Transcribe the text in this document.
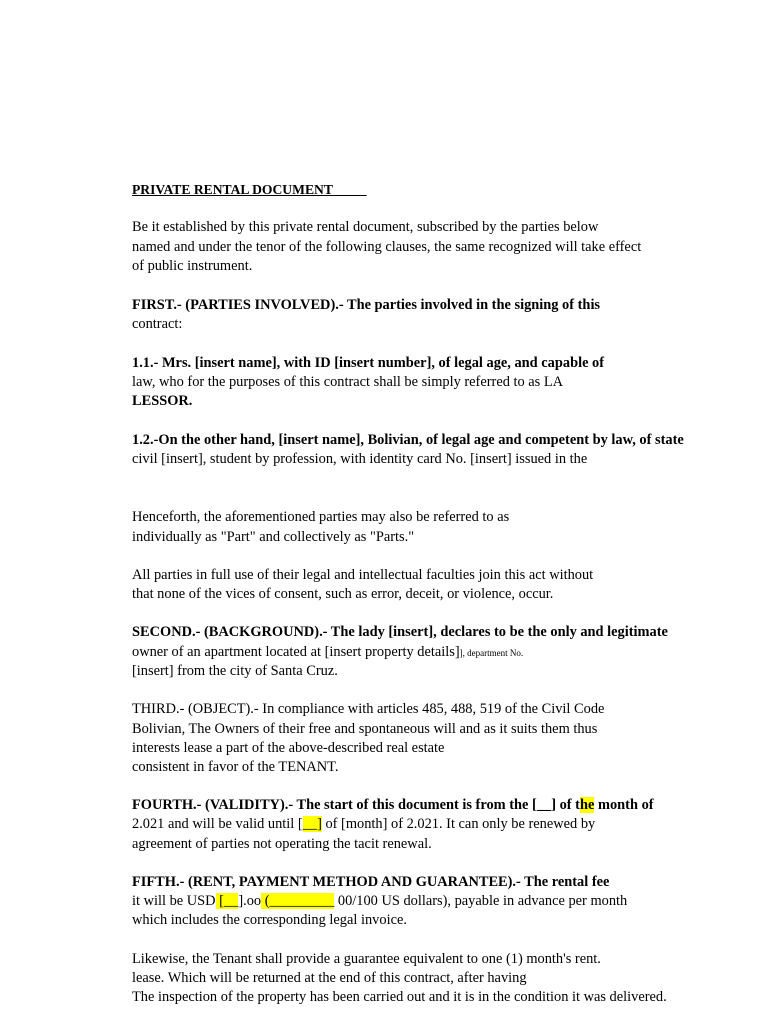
PRIVATE RENTAL DOCUMENT
Be it established by this private rental document, subscribed by the parties below
named and under the tenor of the following clauses, the same recognized will take effect
of public instrument.
FIRST.- (PARTIES INVOLVED).- The parties involved in the signing of this
contract:
1.1.- Mrs. [insert name], with ID [insert number], of legal age, and capable of
law, who for the purposes of this contract shall be simply referred to as LA
LESSOR.
1.2.-On the other hand, [insert name], Bolivian, of legal age and competent by law, of state
civil [insert], student by profession, with identity card No. [insert] issued in the
Henceforth, the aforementioned parties may also be referred to as
individually as "Part" and collectively as "Parts."
All parties in full use of their legal and intellectual faculties join this act without
that none of the vices of consent, such as error, deceit, or violence, occur.
SECOND.- (BACKGROUND).- The lady [insert], declares to be the only and legitimate
owner of an apartment located at [insert property details]], department No.
[insert] from the city of Santa Cruz.
THIRD.- (OBJECT).- In compliance with articles 485, 488, 519 of the Civil Code
Bolivian, The Owners of their free and spontaneous will and as it suits them thus
interests lease a part of the above-described real estate
consistent in favor of the TENANT.
FOURTH.- (VALIDITY).- The start of this document is from the [__] of the month of
2.021 and will be valid until [__] of [month] of 2.021. It can only be renewed by
agreement of parties not operating the tacit renewal.
FIFTH.- (RENT, PAYMENT METHOD AND GUARANTEE).- The rental fee
it will be USD [__].oo (_________ 00/100 US dollars), payable in advance per month
which includes the corresponding legal invoice.
Likewise, the Tenant shall provide a guarantee equivalent to one (1) month's rent.
lease. Which will be returned at the end of this contract, after having
The inspection of the property has been carried out and it is in the condition it was delivered.
